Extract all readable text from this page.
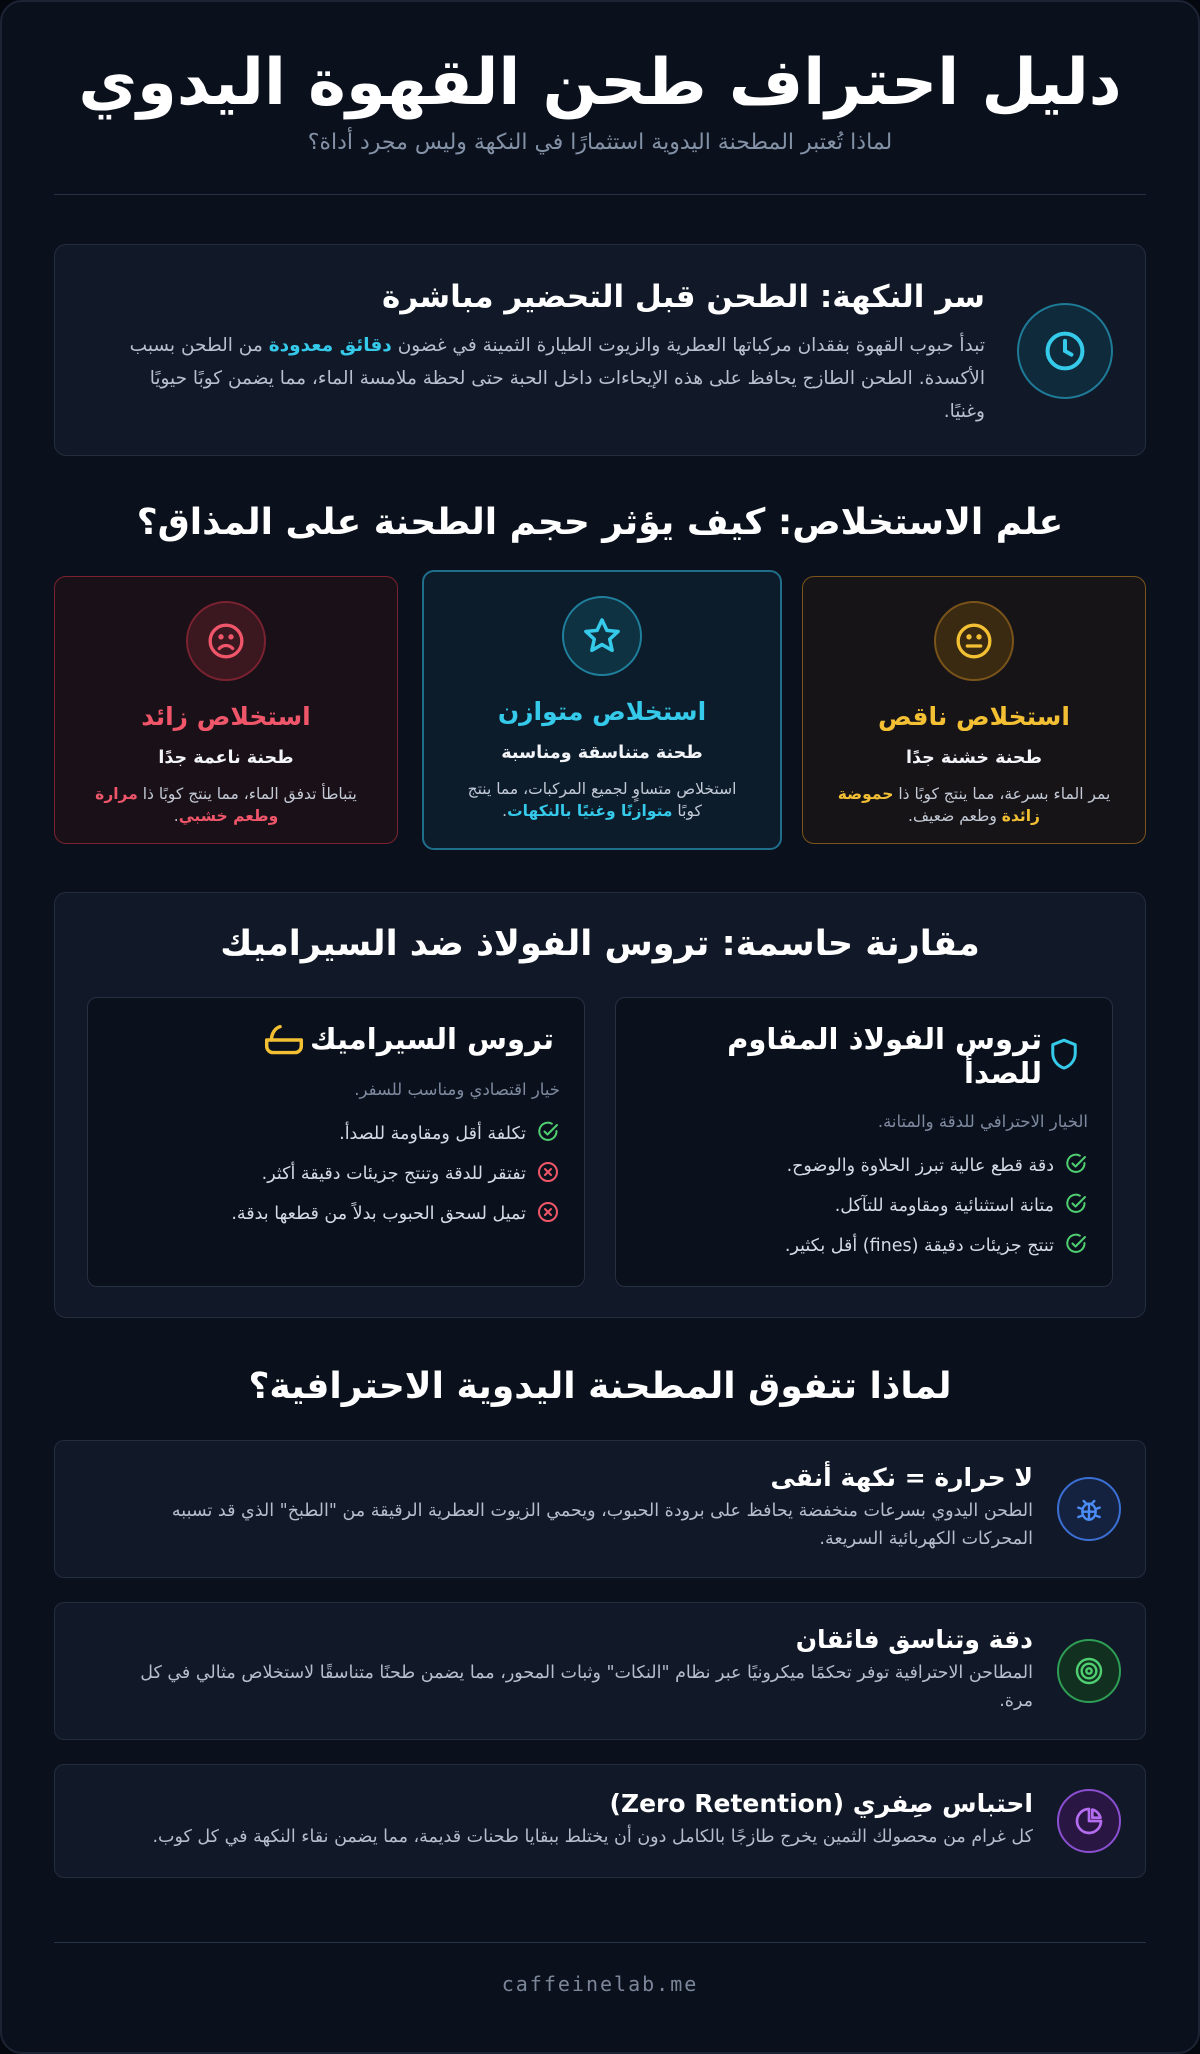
دليل احتراف طحن القهوة اليدوي
لماذا تُعتبر المطحنة اليدوية استثمارًا في النكهة وليس مجرد أداة؟
سر النكهة: الطحن قبل التحضير مباشرة
تبدأ حبوب القهوة بفقدان مركباتها العطرية والزيوت الطيارة الثمينة في غضون دقائق معدودة من الطحن بسبب الأكسدة. الطحن الطازج يحافظ على هذه الإيحاءات داخل الحبة حتى لحظة ملامسة الماء، مما يضمن كوبًا حيويًا وغنيًا.
علم الاستخلاص: كيف يؤثر حجم الطحنة على المذاق؟
استخلاص ناقص
طحنة خشنة جدًا
يمر الماء بسرعة، مما ينتج كوبًا ذا حموضة زائدة وطعم ضعيف.
استخلاص متوازن
طحنة متناسقة ومناسبة
استخلاص متساوٍ لجميع المركبات، مما ينتج كوبًا متوازنًا وغنيًا بالنكهات.
استخلاص زائد
طحنة ناعمة جدًا
يتباطأ تدفق الماء، مما ينتج كوبًا ذا مرارة وطعم خشبي.
مقارنة حاسمة: تروس الفولاذ ضد السيراميك
تروس الفولاذ المقاوم للصدأ
الخيار الاحترافي للدقة والمتانة.
دقة قطع عالية تبرز الحلاوة والوضوح.
متانة استثنائية ومقاومة للتآكل.
تنتج جزيئات دقيقة (fines) أقل بكثير.
تروس السيراميك
خيار اقتصادي ومناسب للسفر.
تكلفة أقل ومقاومة للصدأ.
تفتقر للدقة وتنتج جزيئات دقيقة أكثر.
تميل لسحق الحبوب بدلاً من قطعها بدقة.
لماذا تتفوق المطحنة اليدوية الاحترافية؟
لا حرارة = نكهة أنقى
الطحن اليدوي بسرعات منخفضة يحافظ على برودة الحبوب، ويحمي الزيوت العطرية الرقيقة من "الطبخ" الذي قد تسببه المحركات الكهربائية السريعة.
دقة وتناسق فائقان
المطاحن الاحترافية توفر تحكمًا ميكرونيًا عبر نظام "النكات" وثبات المحور، مما يضمن طحنًا متناسقًا لاستخلاص مثالي في كل مرة.
احتباس صِفري (Zero Retention)
كل غرام من محصولك الثمين يخرج طازجًا بالكامل دون أن يختلط ببقايا طحنات قديمة، مما يضمن نقاء النكهة في كل كوب.
caffeinelab.me
